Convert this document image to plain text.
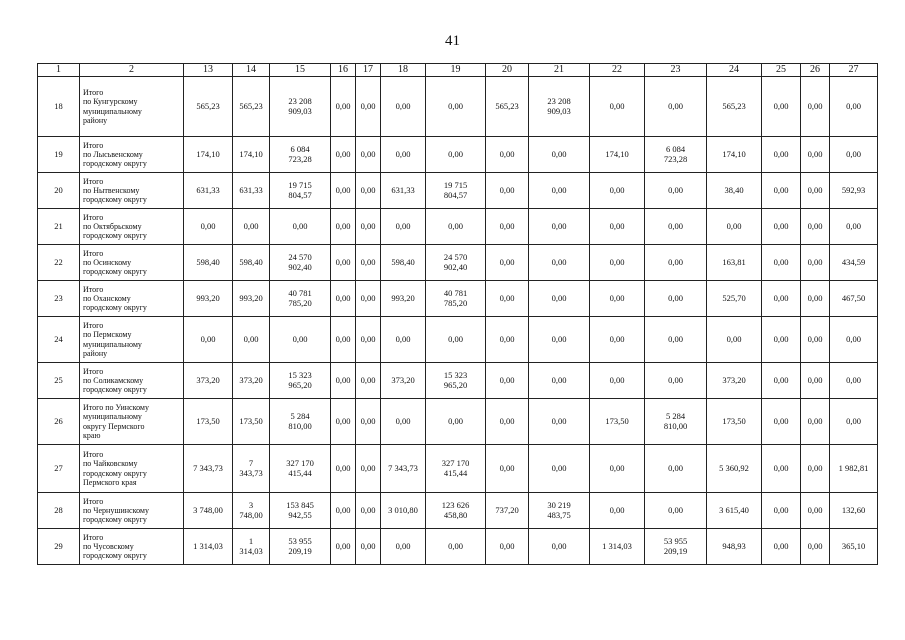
41
1	2	13	14	15	16	17	18	19	20	21	22	23	24	25	26	27
18	Итого
по Кунгурскому
муниципальному
району	565,23	565,23	23 208
909,03	0,00	0,00	0,00	0,00	565,23	23 208
909,03	0,00	0,00	565,23	0,00	0,00	0,00
19	Итого
по Лысьвенскому
городскому округу	174,10	174,10	6 084
723,28	0,00	0,00	0,00	0,00	0,00	0,00	174,10	6 084
723,28	174,10	0,00	0,00	0,00
20	Итого
по Нытвенскому
городскому округу	631,33	631,33	19 715
804,57	0,00	0,00	631,33	19 715
804,57	0,00	0,00	0,00	0,00	38,40	0,00	0,00	592,93
21	Итого
по Октябрьскому
городскому округу	0,00	0,00	0,00	0,00	0,00	0,00	0,00	0,00	0,00	0,00	0,00	0,00	0,00	0,00	0,00
22	Итого
по Осинскому
городскому округу	598,40	598,40	24 570
902,40	0,00	0,00	598,40	24 570
902,40	0,00	0,00	0,00	0,00	163,81	0,00	0,00	434,59
23	Итого
по Оханскому
городскому округу	993,20	993,20	40 781
785,20	0,00	0,00	993,20	40 781
785,20	0,00	0,00	0,00	0,00	525,70	0,00	0,00	467,50
24	Итого
по Пермскому
муниципальному
району	0,00	0,00	0,00	0,00	0,00	0,00	0,00	0,00	0,00	0,00	0,00	0,00	0,00	0,00	0,00
25	Итого
по Соликамскому
городскому округу	373,20	373,20	15 323
965,20	0,00	0,00	373,20	15 323
965,20	0,00	0,00	0,00	0,00	373,20	0,00	0,00	0,00
26	Итого по Уинскому
муниципальному
округу Пермского
краю	173,50	173,50	5 284
810,00	0,00	0,00	0,00	0,00	0,00	0,00	173,50	5 284
810,00	173,50	0,00	0,00	0,00
27	Итого
по Чайковскому
городскому округу
Пермского края	7 343,73	7
343,73	327 170
415,44	0,00	0,00	7 343,73	327 170
415,44	0,00	0,00	0,00	0,00	5 360,92	0,00	0,00	1 982,81
28	Итого
по Чернушинскому
городскому округу	3 748,00	3
748,00	153 845
942,55	0,00	0,00	3 010,80	123 626
458,80	737,20	30 219
483,75	0,00	0,00	3 615,40	0,00	0,00	132,60
29	Итого
по Чусовскому
городскому округу	1 314,03	1
314,03	53 955
209,19	0,00	0,00	0,00	0,00	0,00	0,00	1 314,03	53 955
209,19	948,93	0,00	0,00	365,10
